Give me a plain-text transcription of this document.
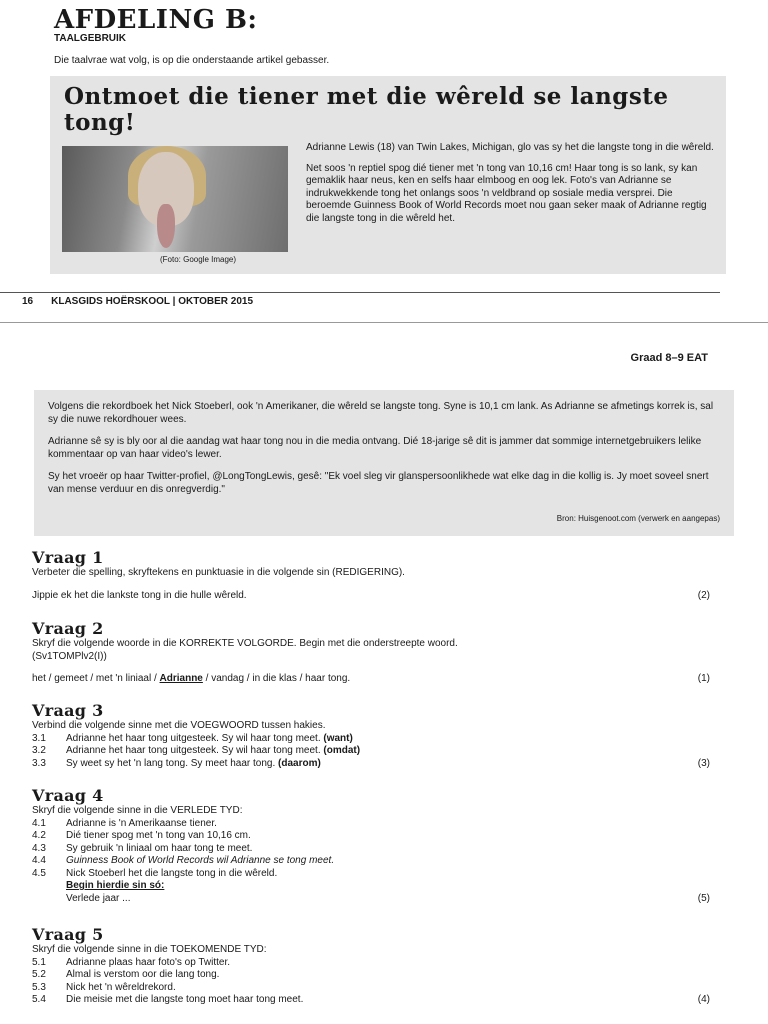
AFDELING B:
TAALGEBRUIK
Die taalvrae wat volg, is op die onderstaande artikel gebasser.
Ontmoet die tiener met die wêreld se langste tong!
(Foto: Google Image)

Adrianne Lewis (18) van Twin Lakes, Michigan, glo vas sy het die langste tong in die wêreld.

Net soos 'n reptiel spog dié tiener met 'n tong van 10,16 cm! Haar tong is so lank, sy kan gemaklik haar neus, ken en selfs haar elmboog en oog lek. Foto's van Adrianne se indrukwekkende tong het onlangs soos 'n veldbrand op sosiale media versprei. Die beroemde Guinness Book of World Records moet nou gaan seker maak of Adrianne regtig die langste tong in die wêreld het.

16 KLASGIDS HOËRSKOOL | OKTOBER 2015
Graad 8–9 EAT

Volgens die rekordboek het Nick Stoeberl, ook 'n Amerikaner, die wêreld se langste tong. Syne is 10,1 cm lank. As Adrianne se afmetings korrek is, sal sy die nuwe rekordhouer wees.

Adrianne sê sy is bly oor al die aandag wat haar tong nou in die media ontvang. Dié 18-jarige sê dit is jammer dat sommige internetgebruikers lelike kommentaar op van haar video's lewer.

Sy het vroeër op haar Twitter-profiel, @LongTongLewis, gesê: "Ek voel sleg vir glanspersoonlikhede wat elke dag in die kollig is. Jy moet soveel snert van mense verduur en dis onregverdig."

Bron: Huisgenoot.com (verwerk en aangepas)
Vraag 1
Verbeter die spelling, skryftekens en punktuasie in die volgende sin (REDIGERING).
Jippie ek het die lankste tong in die hulle wêreld.	(2)
Vraag 2
Skryf die volgende woorde in die KORREKTE VOLGORDE. Begin met die onderstreepte woord.
(Sv1TOMPlv2(I))
het / gemeet / met 'n liniaal / Adrianne / vandag / in die klas / haar tong.	(1)
Vraag 3
Verbind die volgende sinne met die VOEGWOORD tussen hakies.
3.1	Adrianne het haar tong uitgesteek. Sy wil haar tong meet. (want)
3.2	Adrianne het haar tong uitgesteek. Sy wil haar tong meet. (omdat)
3.3	Sy weet sy het 'n lang tong. Sy meet haar tong. (daarom)	(3)
Vraag 4
Skryf die volgende sinne in die VERLEDE TYD:
4.1	Adrianne is 'n Amerikaanse tiener.
4.2	Dié tiener spog met 'n tong van 10,16 cm.
4.3	Sy gebruik 'n liniaal om haar tong te meet.
4.4	Guinness Book of World Records wil Adrianne se tong meet.
4.5	Nick Stoeberl het die langste tong in die wêreld.
Begin hierdie sin só:
Verlede jaar ...	(5)
Vraag 5
Skryf die volgende sinne in die TOEKOMENDE TYD:
5.1	Adrianne plaas haar foto's op Twitter.
5.2	Almal is verstom oor die lang tong.
5.3	Nick het 'n wêreldrekord.
5.4	Die meisie met die langste tong moet haar tong meet.	(4)
